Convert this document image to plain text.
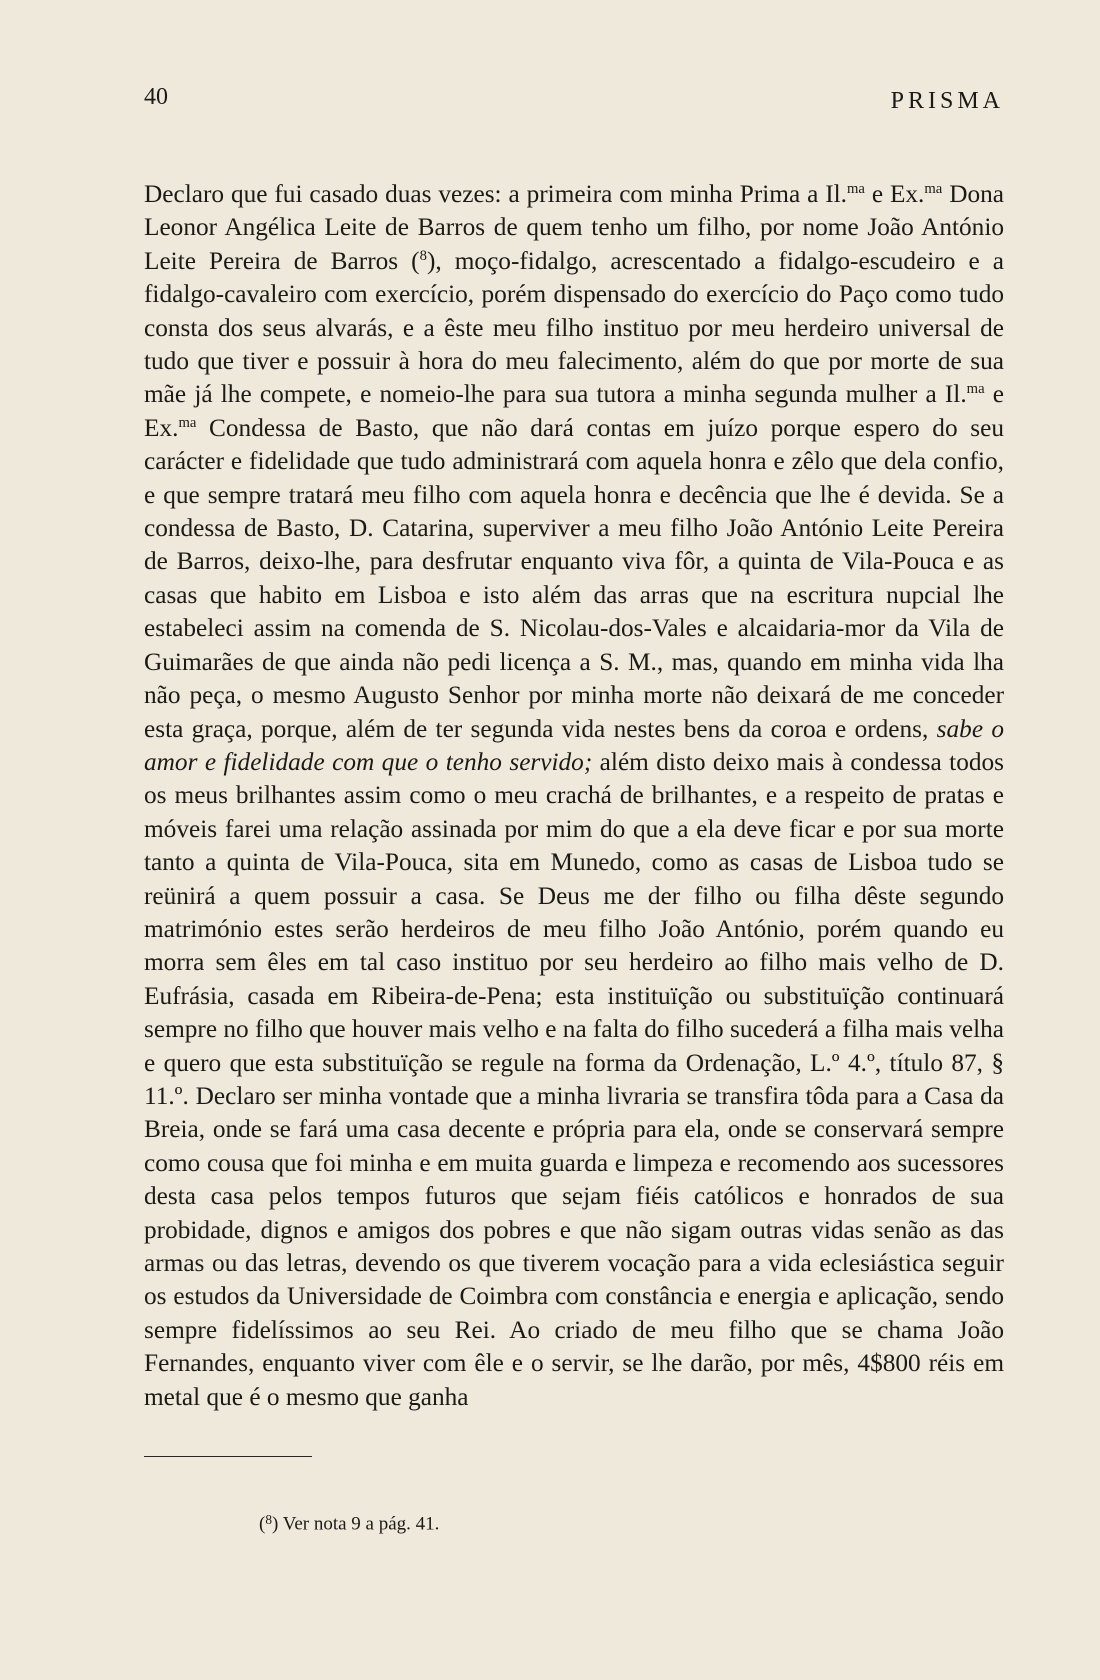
40	PRISMA

Declaro que fui casado duas vezes: a primeira com minha Prima a Il.$^{ma}$ e Ex.$^{ma}$ Dona Leonor Angélica Leite de Barros de quem tenho um filho, por nome João António Leite Pereira de Barros ($^8$), moço-fidalgo, acrescentado a fidalgo-escudeiro e a fidalgo-cavaleiro com exercício, porém dispensado do exercício do Paço como tudo consta dos seus alvarás, e a êste meu filho instituo por meu herdeiro universal de tudo que tiver e possuir à hora do meu falecimento, além do que por morte de sua mãe já lhe compete, e nomeio-lhe para sua tutora a minha segunda mulher a Il.$^{ma}$ e Ex.$^{ma}$ Condessa de Basto, que não dará contas em juízo porque espero do seu carácter e fidelidade que tudo administrará com aquela honra e zêlo que dela confio, e que sempre tratará meu filho com aquela honra e decência que lhe é devida. Se a condessa de Basto, D. Catarina, superviver a meu filho João António Leite Pereira de Barros, deixo-lhe, para desfrutar enquanto viva fôr, a quinta de Vila-Pouca e as casas que habito em Lisboa e isto além das arras que na escritura nupcial lhe estabeleci assim na comenda de S. Nicolau-dos-Vales e alcaidaria-mor da Vila de Guimarães de que ainda não pedi licença a S. M., mas, quando em minha vida lha não peça, o mesmo Augusto Senhor por minha morte não deixará de me conceder esta graça, porque, além de ter segunda vida nestes bens da coroa e ordens, sabe o amor e fidelidade com que o tenho servido; além disto deixo mais à condessa todos os meus brilhantes assim como o meu crachá de brilhantes, e a respeito de pratas e móveis farei uma relação assinada por mim do que a ela deve ficar e por sua morte tanto a quinta de Vila-Pouca, sita em Munedo, como as casas de Lisboa tudo se reünirá a quem possuir a casa. Se Deus me der filho ou filha dêste segundo matrimónio estes serão herdeiros de meu filho João António, porém quando eu morra sem êles em tal caso instituo por seu herdeiro ao filho mais velho de D. Eufrásia, casada em Ribeira-de-Pena; esta instituïção ou substituïção continuará sempre no filho que houver mais velho e na falta do filho sucederá a filha mais velha e quero que esta substituïção se regule na forma da Ordenação, L.º 4.º, título 87, § 11.º. Declaro ser minha vontade que a minha livraria se transfira tôda para a Casa da Breia, onde se fará uma casa decente e própria para ela, onde se conservará sempre como cousa que foi minha e em muita guarda e limpeza e recomendo aos sucessores desta casa pelos tempos futuros que sejam fiéis católicos e honrados de sua probidade, dignos e amigos dos pobres e que não sigam outras vidas senão as das armas ou das letras, devendo os que tiverem vocação para a vida eclesiástica seguir os estudos da Universidade de Coimbra com constância e energia e aplicação, sendo sempre fidelíssimos ao seu Rei. Ao criado de meu filho que se chama João Fernandes, enquanto viver com êle e o servir, se lhe darão, por mês, 4$800 réis em metal que é o mesmo que ganha

($^8$) Ver nota 9 a pág. 41.
